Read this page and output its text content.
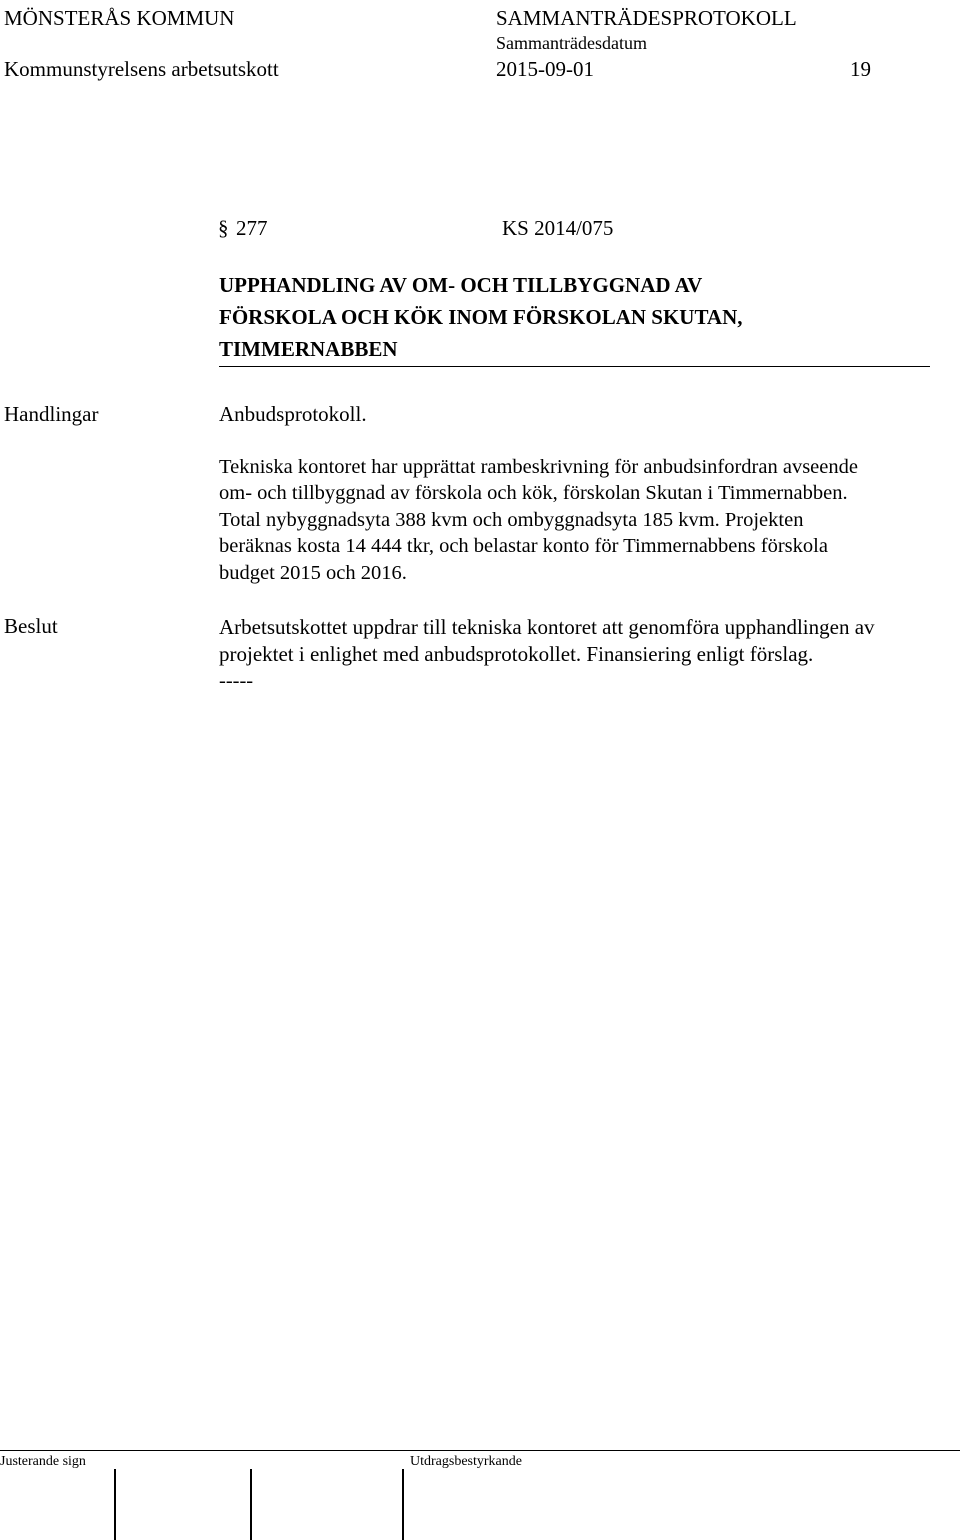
MÖNSTERÅS KOMMUN	SAMMANTRÄDESPROTOKOLL
Sammanträdesdatum
Kommunstyrelsens arbetsutskott	2015-09-01	19
§ 277	KS 2014/075
UPPHANDLING AV OM- OCH TILLBYGGNAD AV
FÖRSKOLA OCH KÖK INOM FÖRSKOLAN SKUTAN,
TIMMERNABBEN
Handlingar	Anbudsprotokoll.
Tekniska kontoret har upprättat rambeskrivning för anbudsinfordran avseende
om- och tillbyggnad av förskola och kök, förskolan Skutan i Timmernabben.
Total nybyggnadsyta 388 kvm och ombyggnadsyta 185 kvm. Projekten
beräknas kosta 14 444 tkr, och belastar konto för Timmernabbens förskola
budget 2015 och 2016.
Beslut	Arbetsutskottet uppdrar till tekniska kontoret att genomföra upphandlingen av
projektet i enlighet med anbudsprotokollet. Finansiering enligt förslag.
-----
Justerande sign	Utdragsbestyrkande
